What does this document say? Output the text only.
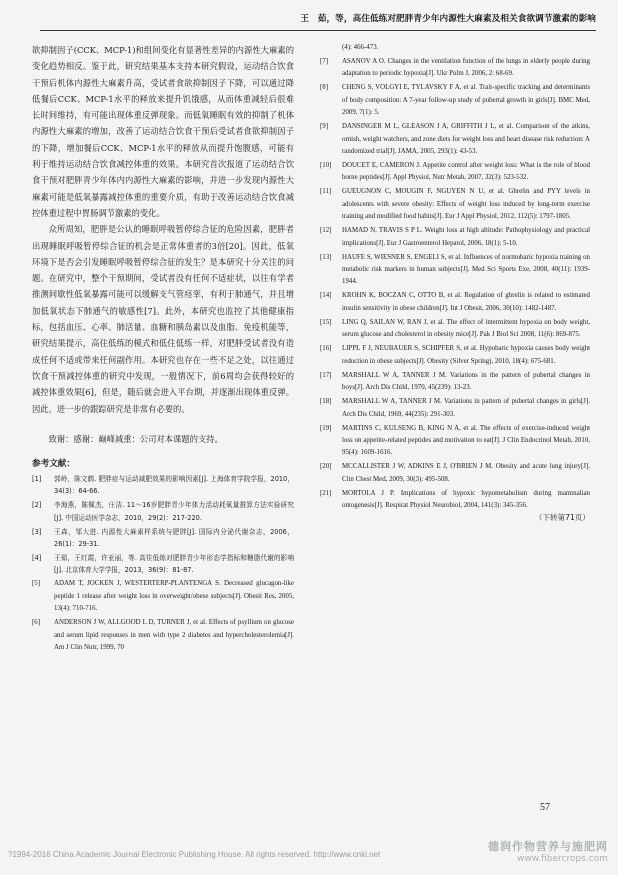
王　茹，等，高住低练对肥胖青少年内源性大麻素及相关食欲调节激素的影响

欲抑制因子(CCK、MCP-1)和组间变化有显著性差异的内源性大麻素的变化趋势相反。鉴于此，研究结果基本支持本研究假设，运动结合饮食干预后机体内源性大麻素升高，受试者食欲抑制因子下降，可以通过降低餐后CCK、MCP-1水平的释放来提升饥饿感，从而体重减轻后很难长时间维持，有可能出现体重反弹现象。而低氧睡眠有效的抑制了机体内源性大麻素的增加，改善了运动结合饮食干预后受试者食欲抑制因子的下降，增加餐后CCK、MCP-1水平的释放从而提升饱腹感，可能有利于维持运动结合饮食减控体重的效果。本研究首次报道了运动结合饮食干预对肥胖青少年体内内源性大麻素的影响，并进一步发现内源性大麻素可能是低氧暴露减控体重的重要介质，有助于改善运动结合饮食减控体重过程中胃肠调节激素的变化。

众所周知，肥胖是公认的睡眠呼吸暂停综合征的危险因素，肥胖者出现睡眠呼吸暂停综合征的机会是正常体重者的3倍[20]。因此，低氧环境下是否会引发睡眠呼吸暂停综合征的发生？是本研究十分关注的问题。在研究中，整个干预期间，受试者没有任何不适症状，以往有学者推测间歇性低氧暴露可能可以缓解支气管痉挛，有利于肺通气，并且增加低氧状态下肺通气的敏感性[7]。此外，本研究也监控了其他健康指标，包括血压、心率、肺活量、血糖和胰岛素以及血脂、免疫机能等，研究结果提示，高住低练的模式和低住低练一样，对肥胖受试者没有造成任何不适或带来任何副作用。本研究也存在一些不足之处，以往通过饮食干预减控体重的研究中发现，一般情况下，前6周均会获得较好的减控体重效果[6]，但是，随后就会进入平台期，并逐渐出现体重反弹。因此，进一步的跟踪研究是非常有必要的。

致谢：感谢：巅峰减重：公司对本课题的支持。

参考文献：
[1]	郭岭，陈文鹤. 肥胖症与运动减肥效果的影响因素[J]. 上海体育学院学报，2010，34(3)：64-66.
[2]	李海燕，陈佩杰，庄洁. 11～16岁肥胖青少年体力活动耗氧量推算方法实验研究[J]. 中国运动医学杂志，2010，29(2)：217-220.
[3]	王森，邹大进. 内源性大麻素样系统与肥胖[J]. 国际内分泌代谢杂志，2006，26(1)：29-31.
[4]	王茹，王红霞，许亚丽，等. 高住低练对肥胖青少年形态学指标和糖脂代谢的影响[J]. 北京体育大学学报，2013，36(9)：81-87.
[5]	ADAM T, JOCKEN J, WESTERTERP-PLANTENGA S. Decreased glucagon-like peptide 1 release after weight loss in overweight/obese subjects[J]. Obesit Res, 2005, 13(4): 710-716.
[6]	ANDERSON J W, ALLGOOD L D, TURNER J, et al. Effects of psyllium on glucose and serum lipid responses in men with type 2 diabetes and hypercholesterolemia[J]. Am J Clin Nutr, 1999, 70
(4): 466-473.
[7]	ASANOV A O. Changes in the ventilation function of the lungs in elderly people during adaptation to periodic hypoxia[J]. Ukr Pulm J, 2006, 2: 68-69.
[8]	CHENG S, VOLGYI E, TYLAVSKY F A, et al. Trait-specific tracking and determinants of body composition: A 7-year follow-up study of pubertal growth in girls[J]. BMC Med, 2009, 7(1): 5.
[9]	DANSINGER M L, GLEASON J A, GRIFFITH J L, et al. Comparison of the atkins, ornish, weight watchers, and zone diets for weight loss and heart disease risk reduction: A randomized trial[J]. JAMA, 2005, 293(1): 43-53.
[10]	DOUCET E, CAMERON J. Appetite control after weight loss: What is the role of blood borne peptides[J]. Appl Physiol, Nutr Metab, 2007, 32(3): 523-532.
[11]	GUEUGNON C, MOUGIN F, NGUYEN N U, et al. Ghrelin and PYY levels in adolescents with severe obesity: Effects of weight loss induced by long-term exercise training and modified food habits[J]. Eur J Appl Physiol, 2012, 112(5): 1797-1805.
[12]	HAMAD N, TRAVIS S P L. Weight loss at high altitude: Pathophysiology and practical implications[J]. Eur J Gastroenterol Hepatol, 2006, 18(1): 5-10.
[13]	HAUFE S, WIESNER S, ENGELI S, et al. Influences of normobaric hypoxia training on metabolic risk markers in human subjects[J]. Med Sci Sports Exe, 2008, 40(11): 1939-1944.
[14]	KROHN K, BOCZAN C, OTTO B, et al. Regulation of ghrelin is related to estimated insulin sensitivity in obese children[J]. Int J Obesit, 2006, 30(10): 1482-1487.
[15]	LING Q, SAILAN W, RAN J, et al. The effect of intermittent hypoxia on body weight, serum glucose and cholesterol in obesity mice[J]. Pak J Biol Sci 2008, 11(6): 869-875.
[16]	LIPPL F J, NEUBAUER S, SCHIPFER S, et al. Hypobaric hypoxia causes body weight reduction in obese subjects[J]. Obesity (Silver Spring), 2010, 18(4): 675-681.
[17]	MARSHALL W A, TANNER J M. Variations in the pattern of pubertal changes in boys[J]. Arch Dis Child, 1970, 45(239): 13-23.
[18]	MARSHALL W A, TANNER J M. Variations in pattern of pubertal changes in girls[J]. Arch Dis Child, 1969, 44(235): 291-303.
[19]	MARTINS C, KULSENG B, KING N A, et al. The effects of exercise-induced weight loss on appetite-related peptides and motivation to eat[J]. J Clin Endocrinol Metab, 2010, 95(4): 1609-1616.
[20]	MCCALLISTER J W, ADKINS E J, O'BRIEN J M. Obesity and acute lung injury[J]. Clin Chest Med, 2009, 30(3): 495-508.
[21]	MORTOLA J P. Implications of hypoxic hypometabolism during mammalian ontogenesis[J]. Respirat Physiol Neurobiol, 2004, 141(3): 345-356.
（下转第71页）
57
?1994-2016 China Academic Journal Electronic Publishing House. All rights reserved. http://www.cnki.net
德润作物营养与施肥网
www.fibercrops.com
